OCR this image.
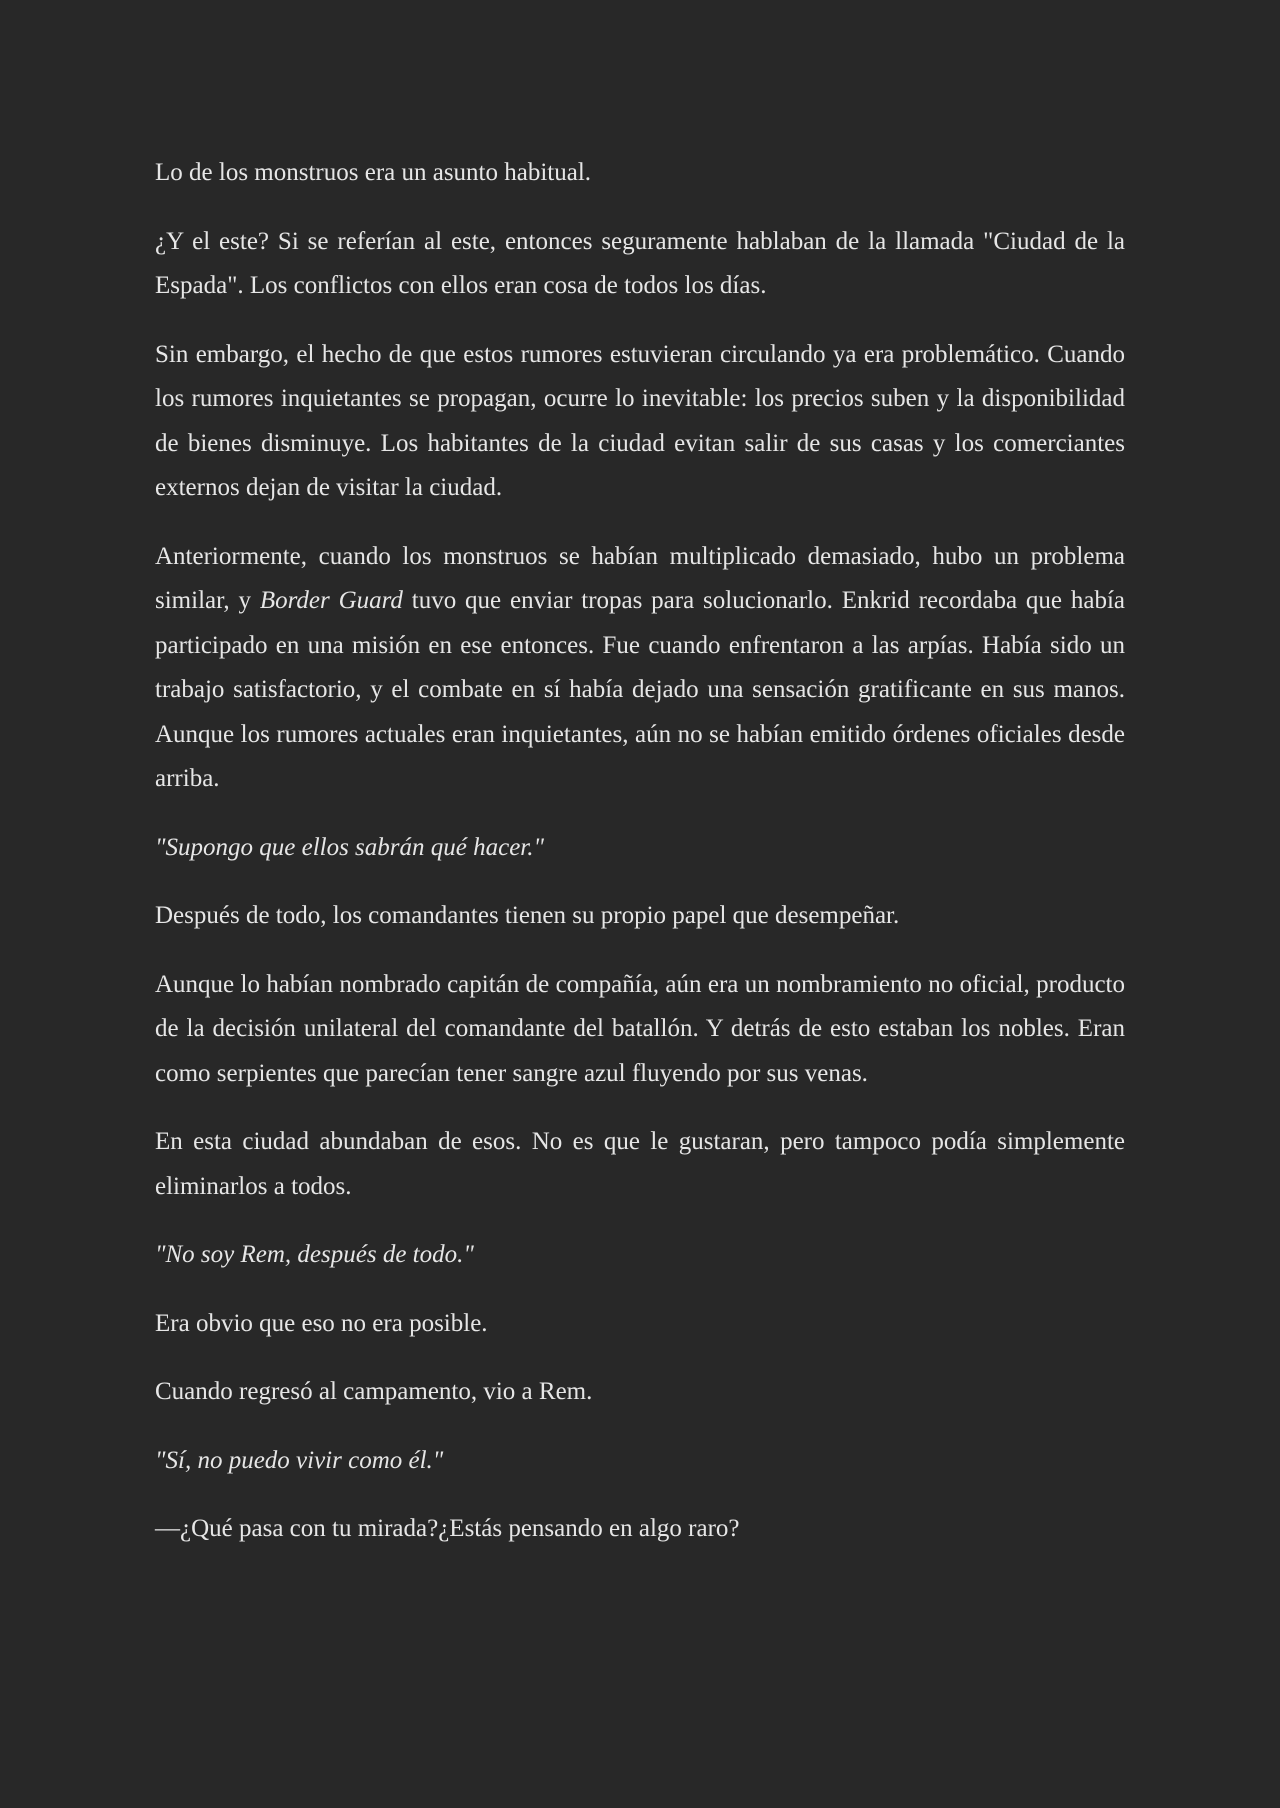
Lo de los monstruos era un asunto habitual.

¿Y el este? Si se referían al este, entonces seguramente hablaban de la llamada "Ciudad de la Espada". Los conflictos con ellos eran cosa de todos los días.

Sin embargo, el hecho de que estos rumores estuvieran circulando ya era problemático. Cuando los rumores inquietantes se propagan, ocurre lo inevitable: los precios suben y la disponibilidad de bienes disminuye. Los habitantes de la ciudad evitan salir de sus casas y los comerciantes externos dejan de visitar la ciudad.

Anteriormente, cuando los monstruos se habían multiplicado demasiado, hubo un problema similar, y Border Guard tuvo que enviar tropas para solucionarlo. Enkrid recordaba que había participado en una misión en ese entonces. Fue cuando enfrentaron a las arpías. Había sido un trabajo satisfactorio, y el combate en sí había dejado una sensación gratificante en sus manos. Aunque los rumores actuales eran inquietantes, aún no se habían emitido órdenes oficiales desde arriba.

"Supongo que ellos sabrán qué hacer."

Después de todo, los comandantes tienen su propio papel que desempeñar.

Aunque lo habían nombrado capitán de compañía, aún era un nombramiento no oficial, producto de la decisión unilateral del comandante del batallón. Y detrás de esto estaban los nobles. Eran como serpientes que parecían tener sangre azul fluyendo por sus venas.

En esta ciudad abundaban de esos. No es que le gustaran, pero tampoco podía simplemente eliminarlos a todos.

"No soy Rem, después de todo."

Era obvio que eso no era posible.

Cuando regresó al campamento, vio a Rem.

"Sí, no puedo vivir como él."

—¿Qué pasa con tu mirada?¿Estás pensando en algo raro?
